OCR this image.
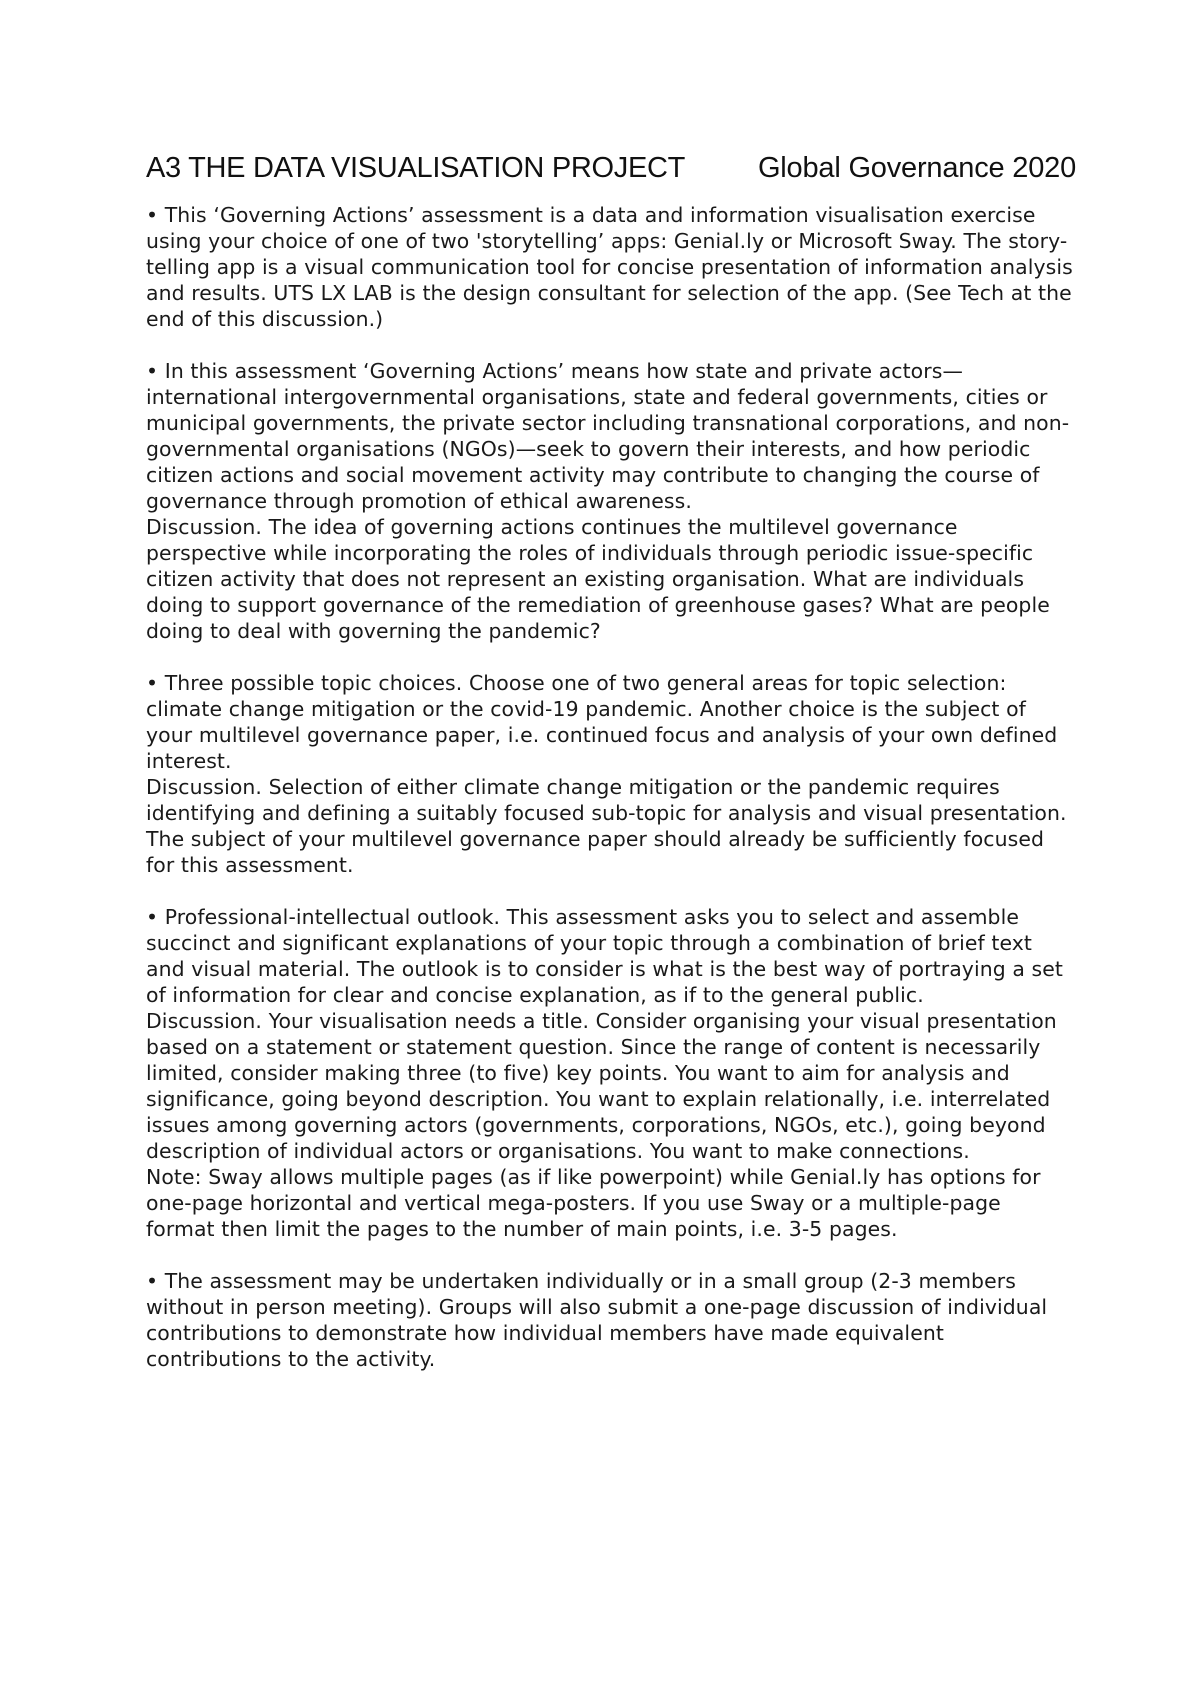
A3 THE DATA VISUALISATION PROJECT	Global Governance 2020

• This ‘Governing Actions’ assessment is a data and information visualisation exercise using your choice of one of two 'storytelling’ apps: Genial.ly or Microsoft Sway. The story-telling app is a visual communication tool for concise presentation of information analysis and results. UTS LX LAB is the design consultant for selection of the app. (See Tech at the end of this discussion.)

• In this assessment ‘Governing Actions’ means how state and private actors—international intergovernmental organisations, state and federal governments, cities or municipal governments, the private sector including transnational corporations, and non-governmental organisations (NGOs)—seek to govern their interests, and how periodic citizen actions and social movement activity may contribute to changing the course of governance through promotion of ethical awareness.

Discussion. The idea of governing actions continues the multilevel governance perspective while incorporating the roles of individuals through periodic issue-specific citizen activity that does not represent an existing organisation. What are individuals doing to support governance of the remediation of greenhouse gases? What are people doing to deal with governing the pandemic?

• Three possible topic choices. Choose one of two general areas for topic selection: climate change mitigation or the covid-19 pandemic. Another choice is the subject of your multilevel governance paper, i.e. continued focus and analysis of your own defined interest.

Discussion. Selection of either climate change mitigation or the pandemic requires identifying and defining a suitably focused sub-topic for analysis and visual presentation. The subject of your multilevel governance paper should already be sufficiently focused for this assessment.

• Professional-intellectual outlook. This assessment asks you to select and assemble succinct and significant explanations of your topic through a combination of brief text and visual material. The outlook is to consider is what is the best way of portraying a set of information for clear and concise explanation, as if to the general public.

Discussion. Your visualisation needs a title. Consider organising your visual presentation based on a statement or statement question. Since the range of content is necessarily limited, consider making three (to five) key points. You want to aim for analysis and significance, going beyond description. You want to explain relationally, i.e. interrelated issues among governing actors (governments, corporations, NGOs, etc.), going beyond description of individual actors or organisations. You want to make connections.

Note: Sway allows multiple pages (as if like powerpoint) while Genial.ly has options for one-page horizontal and vertical mega-posters. If you use Sway or a multiple-page format then limit the pages to the number of main points, i.e. 3-5 pages.

• The assessment may be undertaken individually or in a small group (2-3 members without in person meeting). Groups will also submit a one-page discussion of individual contributions to demonstrate how individual members have made equivalent contributions to the activity.
